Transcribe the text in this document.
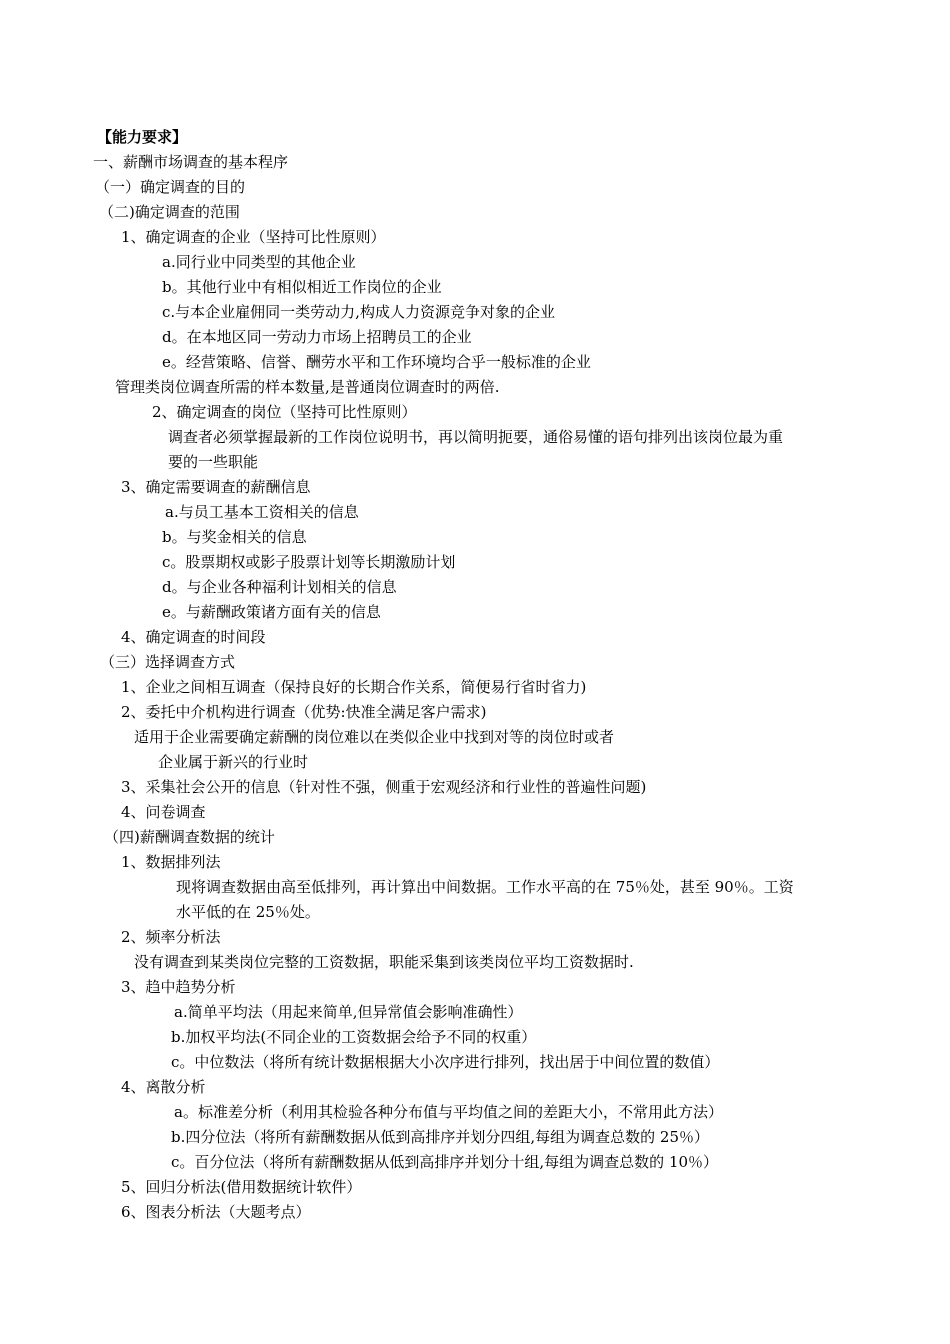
【能力要求】
一、薪酬市场调查的基本程序
（一）确定调查的目的
（二)确定调查的范围
1、确定调查的企业（坚持可比性原则）
a.同行业中同类型的其他企业
b。其他行业中有相似相近工作岗位的企业
c.与本企业雇佣同一类劳动力,构成人力资源竞争对象的企业
d。在本地区同一劳动力市场上招聘员工的企业
e。经营策略、信誉、酬劳水平和工作环境均合乎一般标准的企业
管理类岗位调查所需的样本数量,是普通岗位调查时的两倍.
2、确定调查的岗位（坚持可比性原则）
调查者必须掌握最新的工作岗位说明书，再以简明扼要，通俗易懂的语句排列出该岗位最为重
要的一些职能
3、确定需要调查的薪酬信息
a.与员工基本工资相关的信息
b。与奖金相关的信息
c。股票期权或影子股票计划等长期激励计划
d。与企业各种福利计划相关的信息
e。与薪酬政策诸方面有关的信息
4、确定调查的时间段
（三）选择调查方式
1、企业之间相互调查（保持良好的长期合作关系，简便易行省时省力)
2、委托中介机构进行调查（优势:快准全满足客户需求)
适用于企业需要确定薪酬的岗位难以在类似企业中找到对等的岗位时或者
企业属于新兴的行业时
3、采集社会公开的信息（针对性不强，侧重于宏观经济和行业性的普遍性问题)
4、问卷调查
（四)薪酬调查数据的统计
1、数据排列法
现将调查数据由高至低排列，再计算出中间数据。工作水平高的在 75％处，甚至 90％。工资
水平低的在 25％处。
2、频率分析法
没有调查到某类岗位完整的工资数据，职能采集到该类岗位平均工资数据时.
3、趋中趋势分析
a.简单平均法（用起来简单,但异常值会影响准确性）
b.加权平均法(不同企业的工资数据会给予不同的权重）
c。中位数法（将所有统计数据根据大小次序进行排列，找出居于中间位置的数值）
4、离散分析
a。标准差分析（利用其检验各种分布值与平均值之间的差距大小，不常用此方法）
b.四分位法（将所有薪酬数据从低到高排序并划分四组,每组为调查总数的 25％）
c。百分位法（将所有薪酬数据从低到高排序并划分十组,每组为调查总数的 10％）
5、回归分析法(借用数据统计软件）
6、图表分析法（大题考点）
